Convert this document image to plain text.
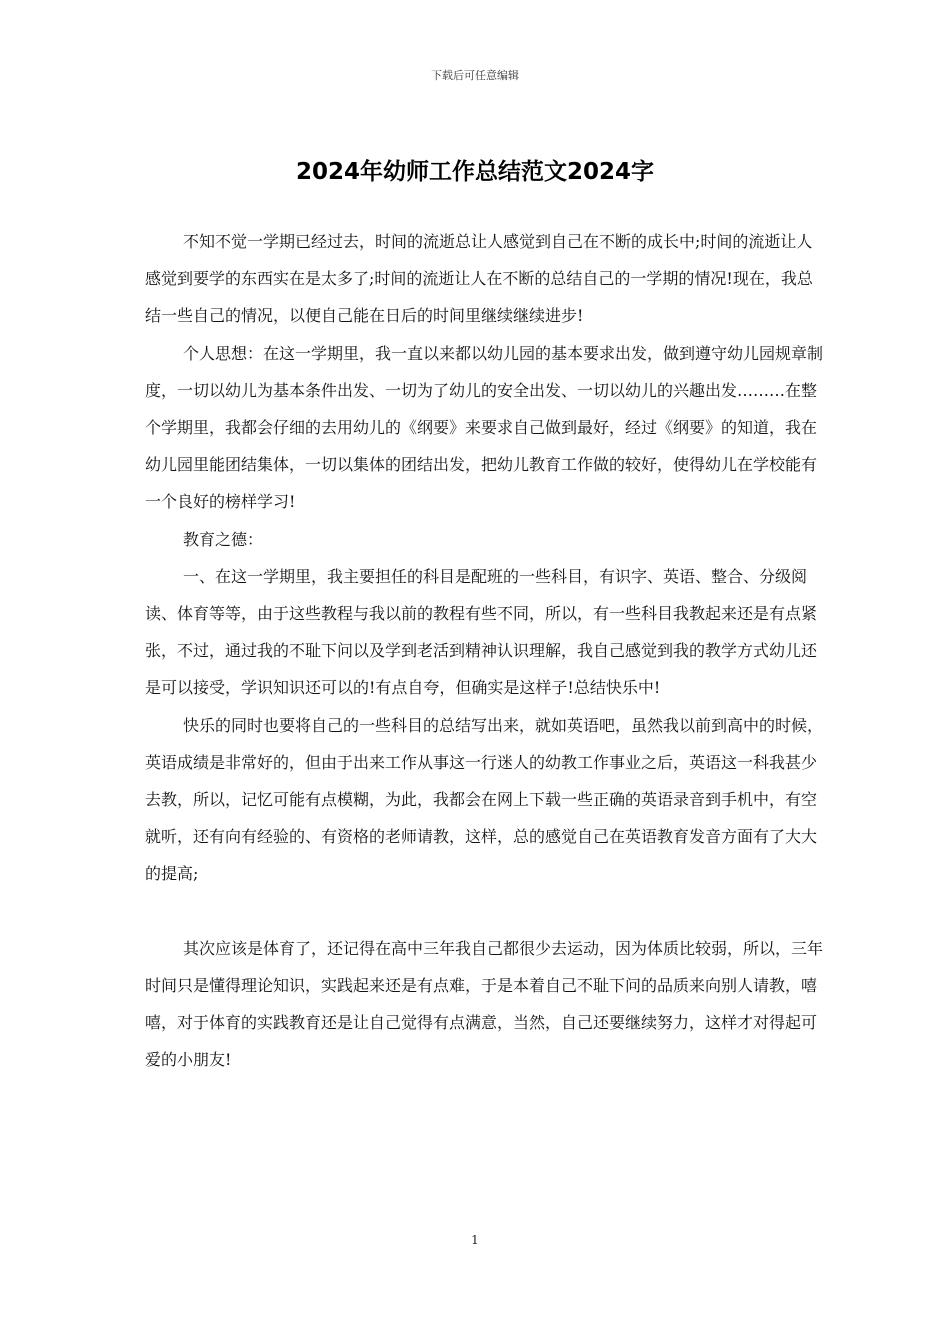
下载后可任意编辑
2024年幼师工作总结范文2024字

不知不觉一学期已经过去，时间的流逝总让人感觉到自己在不断的成长中;时间的流逝让人感觉到要学的东西实在是太多了;时间的流逝让人在不断的总结自己的一学期的情况!现在，我总结一些自己的情况，以便自己能在日后的时间里继续继续进步!

个人思想：在这一学期里，我一直以来都以幼儿园的基本要求出发，做到遵守幼儿园规章制度，一切以幼儿为基本条件出发、一切为了幼儿的安全出发、一切以幼儿的兴趣出发………在整个学期里，我都会仔细的去用幼儿的《纲要》来要求自己做到最好，经过《纲要》的知道，我在幼儿园里能团结集体，一切以集体的团结出发，把幼儿教育工作做的较好，使得幼儿在学校能有一个良好的榜样学习!

教育之德：

一、在这一学期里，我主要担任的科目是配班的一些科目，有识字、英语、整合、分级阅读、体育等等，由于这些教程与我以前的教程有些不同，所以，有一些科目我教起来还是有点紧张，不过，通过我的不耻下问以及学到老活到精神认识理解，我自己感觉到我的教学方式幼儿还是可以接受，学识知识还可以的!有点自夸，但确实是这样子!总结快乐中!

快乐的同时也要将自己的一些科目的总结写出来，就如英语吧，虽然我以前到高中的时候，英语成绩是非常好的，但由于出来工作从事这一行迷人的幼教工作事业之后，英语这一科我甚少去教，所以，记忆可能有点模糊，为此，我都会在网上下载一些正确的英语录音到手机中，有空就听，还有向有经验的、有资格的老师请教，这样，总的感觉自己在英语教育发音方面有了大大的提高;

其次应该是体育了，还记得在高中三年我自己都很少去运动，因为体质比较弱，所以，三年时间只是懂得理论知识，实践起来还是有点难，于是本着自己不耻下问的品质来向别人请教，嘻嘻，对于体育的实践教育还是让自己觉得有点满意，当然，自己还要继续努力，这样才对得起可爱的小朋友!

1
